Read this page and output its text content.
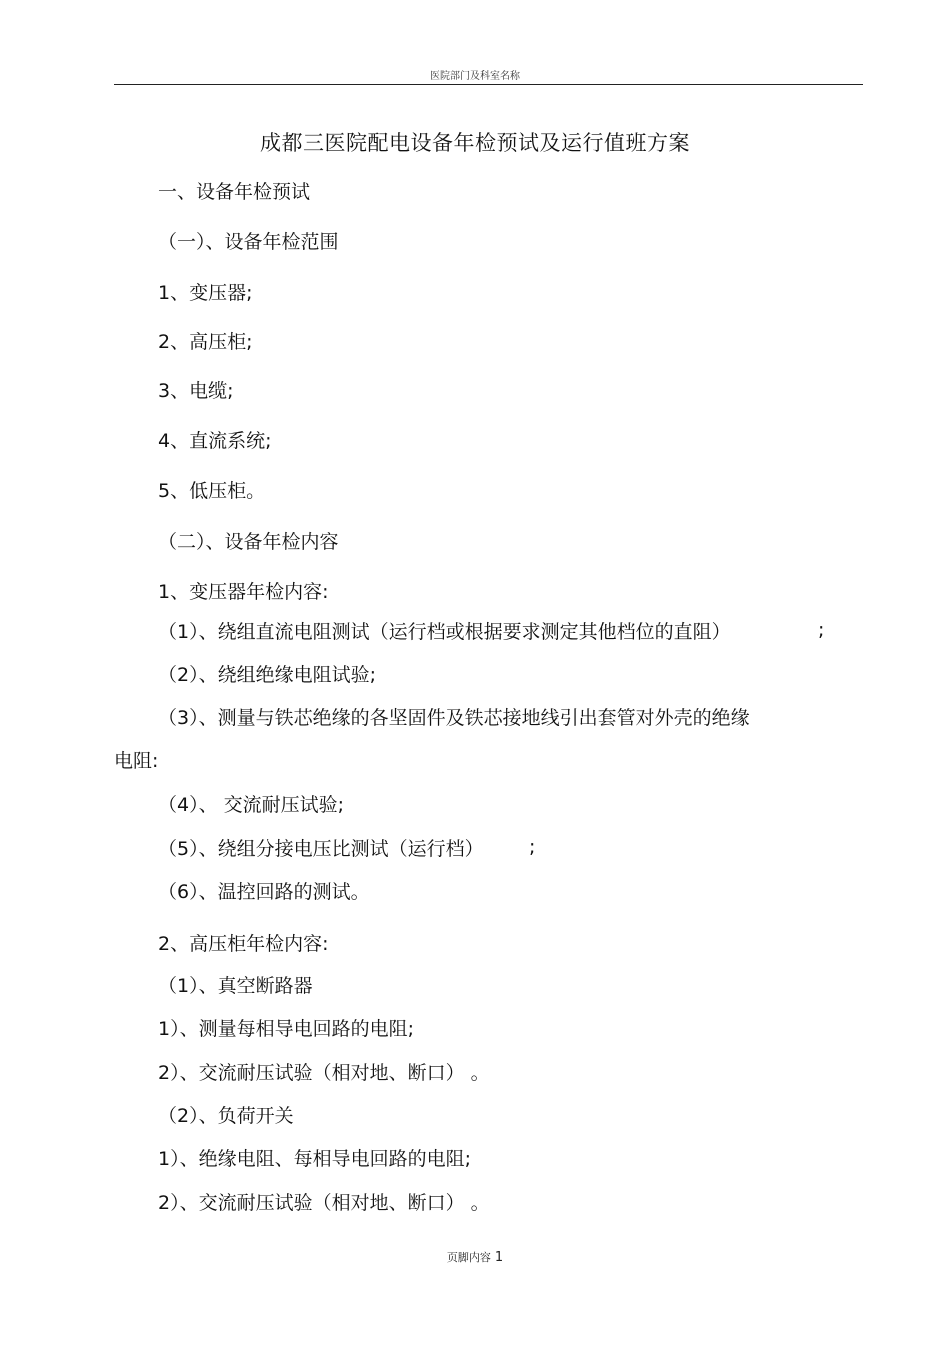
医院部门及科室名称
成都三医院配电设备年检预试及运行值班方案
一、设备年检预试
（一）、设备年检范围
1、变压器;
2、高压柜;
3、电缆;
4、直流系统;
5、低压柜。
（二）、设备年检内容
1、变压器年检内容:
（1）、绕组直流电阻测试（运行档或根据要求测定其他档位的直阻）	;
（2）、绕组绝缘电阻试验;
（3）、测量与铁芯绝缘的各坚固件及铁芯接地线引出套管对外壳的绝缘
电阻:
（4）、 交流耐压试验;
（5）、绕组分接电压比测试（运行档） ;
（6）、温控回路的测试。
2、高压柜年检内容:
（1）、真空断路器
1）、测量每相导电回路的电阻;
2）、交流耐压试验（相对地、断口） 。
（2）、负荷开关
1）、绝缘电阻、每相导电回路的电阻;
2）、交流耐压试验（相对地、断口） 。
页脚内容 1
